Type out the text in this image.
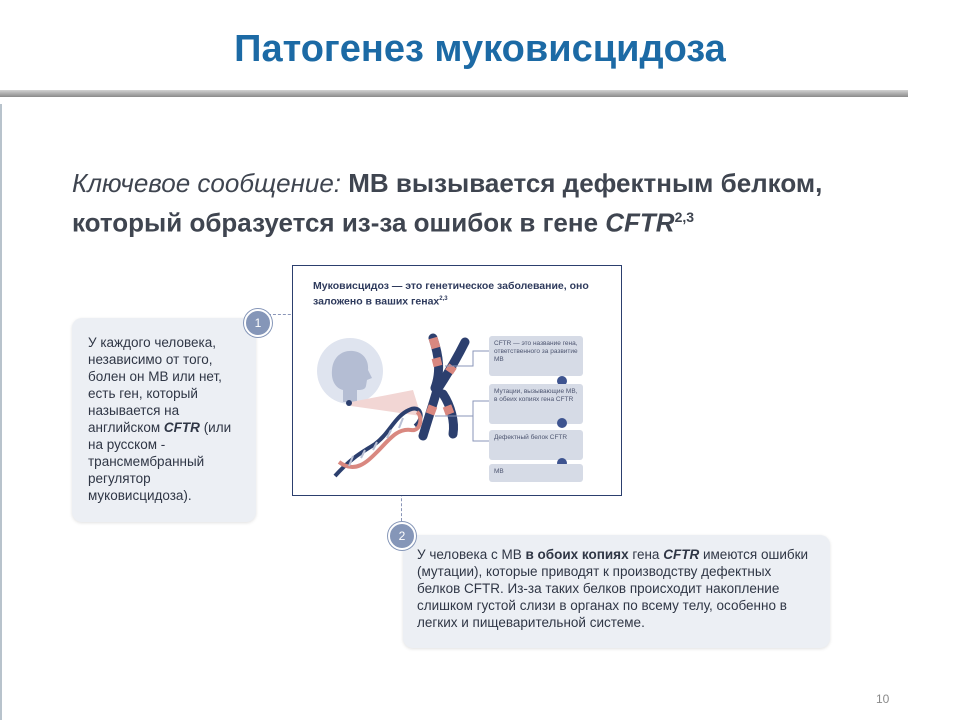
Патогенез муковисцидоза
Ключевое сообщение: МВ вызывается дефектным белком, который образуется из-за ошибок в гене CFTR$^{2,3}$
Муковисцидоз — это генетическое заболевание, оно заложено в ваших генах$^{2,3}$
CFTR — это название гена, ответственного за развитие МВ
Мутации, вызывающие МВ, в обеих копиях гена CFTR
Дефектный белок CFTR
МВ
У каждого человека, независимо от того, болен он МВ или нет, есть ген, который называется на английском CFTR (или на русском - трансмембранный регулятор муковисцидоза).
1
У человека с МВ в обоих копиях гена CFTR имеются ошибки (мутации), которые приводят к производству дефектных белков CFTR. Из-за таких белков происходит накопление слишком густой слизи в органах по всему телу, особенно в легких и пищеварительной системе.
2
10
